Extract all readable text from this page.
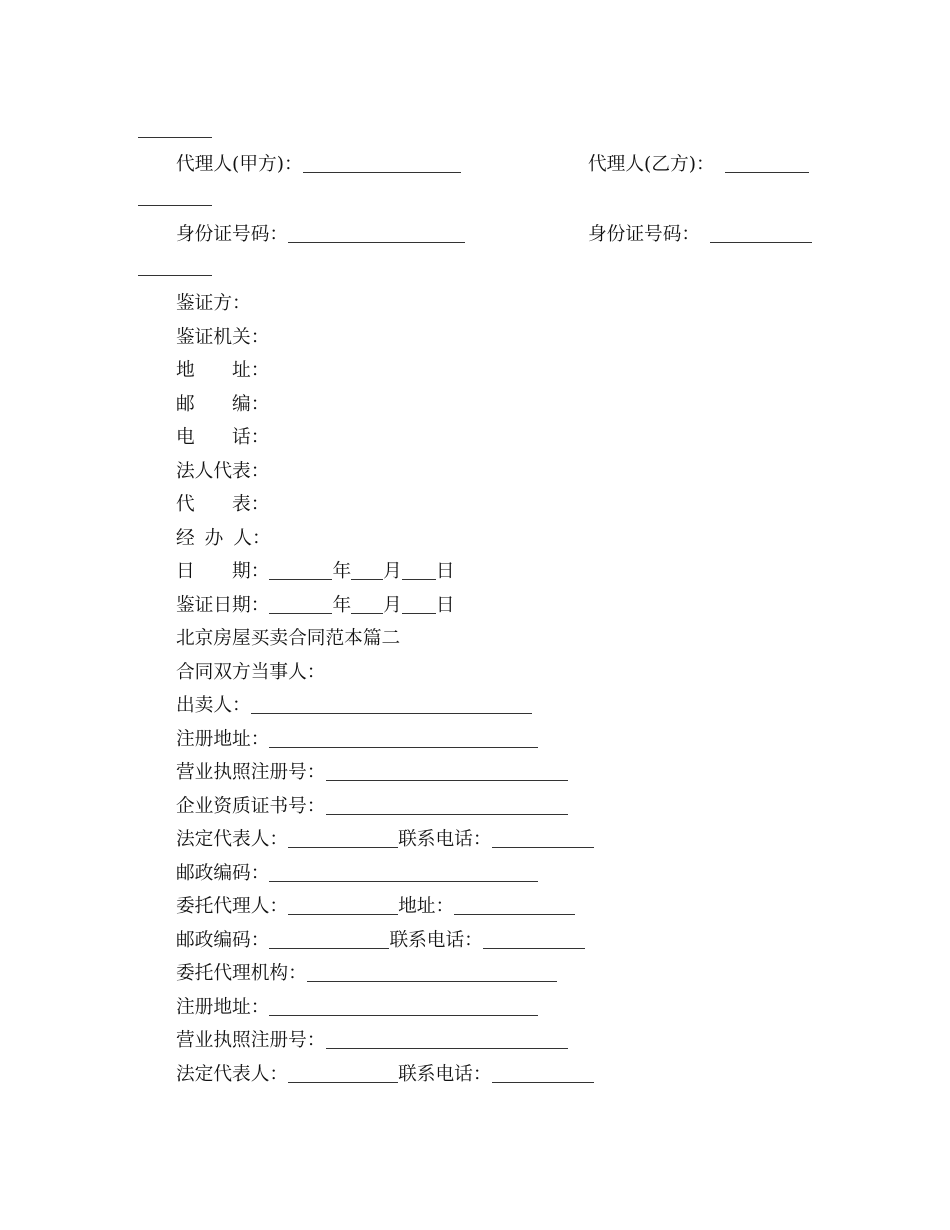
代理人(甲方)：	代理人(乙方)：
身份证号码：	身份证号码：
鉴证方：
鉴证机关：
地　　址：
邮　　编：
电　　话：
法人代表：
代　　表：
经 办 人：
日　　期：	年 月 日
鉴证日期：	年 月 日
北京房屋买卖合同范本篇二
合同双方当事人：
出卖人：
注册地址：
营业执照注册号：
企业资质证书号：
法定代表人：	联系电话：
邮政编码：
委托代理人：	地址：
邮政编码：	联系电话：
委托代理机构：
注册地址：
营业执照注册号：
法定代表人：	联系电话：
